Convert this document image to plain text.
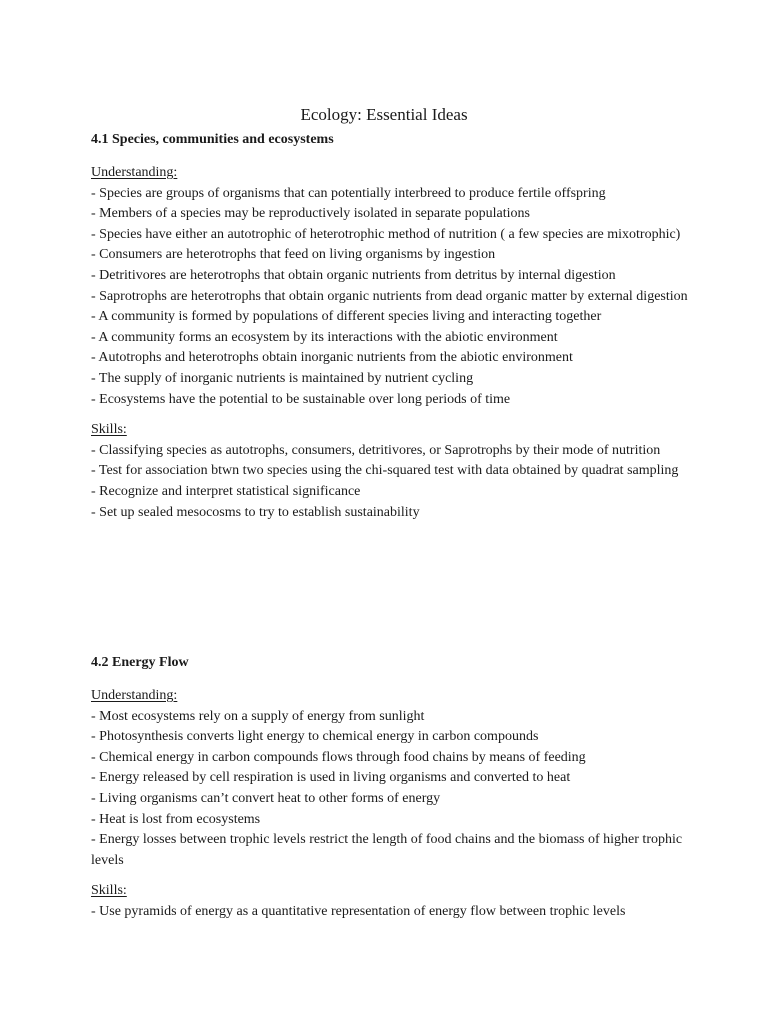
Ecology: Essential Ideas
4.1 Species, communities and ecosystems
Understanding:
- Species are groups of organisms that can potentially interbreed to produce fertile offspring
- Members of a species may be reproductively isolated in separate populations
- Species have either an autotrophic of heterotrophic method of nutrition ( a few species are mixotrophic)
- Consumers are heterotrophs that feed on living organisms by ingestion
- Detritivores are heterotrophs that obtain organic nutrients from detritus by internal digestion
- Saprotrophs are heterotrophs that obtain organic nutrients from dead organic matter by external digestion
- A community is formed by populations of different species living and interacting together
- A community forms an ecosystem by its interactions with the abiotic environment
- Autotrophs and heterotrophs obtain inorganic nutrients from the abiotic environment
- The supply of inorganic nutrients is maintained by nutrient cycling
- Ecosystems have the potential to be sustainable over long periods of time
Skills:
- Classifying species as autotrophs, consumers, detritivores, or Saprotrophs by their mode of nutrition
- Test for association btwn two species using the chi-squared test with data obtained by quadrat sampling
- Recognize and interpret statistical significance
- Set up sealed mesocosms to try to establish sustainability
4.2 Energy Flow
Understanding:
- Most ecosystems rely on a supply of energy from sunlight
- Photosynthesis converts light energy to chemical energy in carbon compounds
- Chemical energy in carbon compounds flows through food chains by means of feeding
- Energy released by cell respiration is used in living organisms and converted to heat
- Living organisms can’t convert heat to other forms of energy
- Heat is lost from ecosystems
- Energy losses between trophic levels restrict the length of food chains and the biomass of higher trophic levels
Skills:
- Use pyramids of energy as a quantitative representation of energy flow between trophic levels
